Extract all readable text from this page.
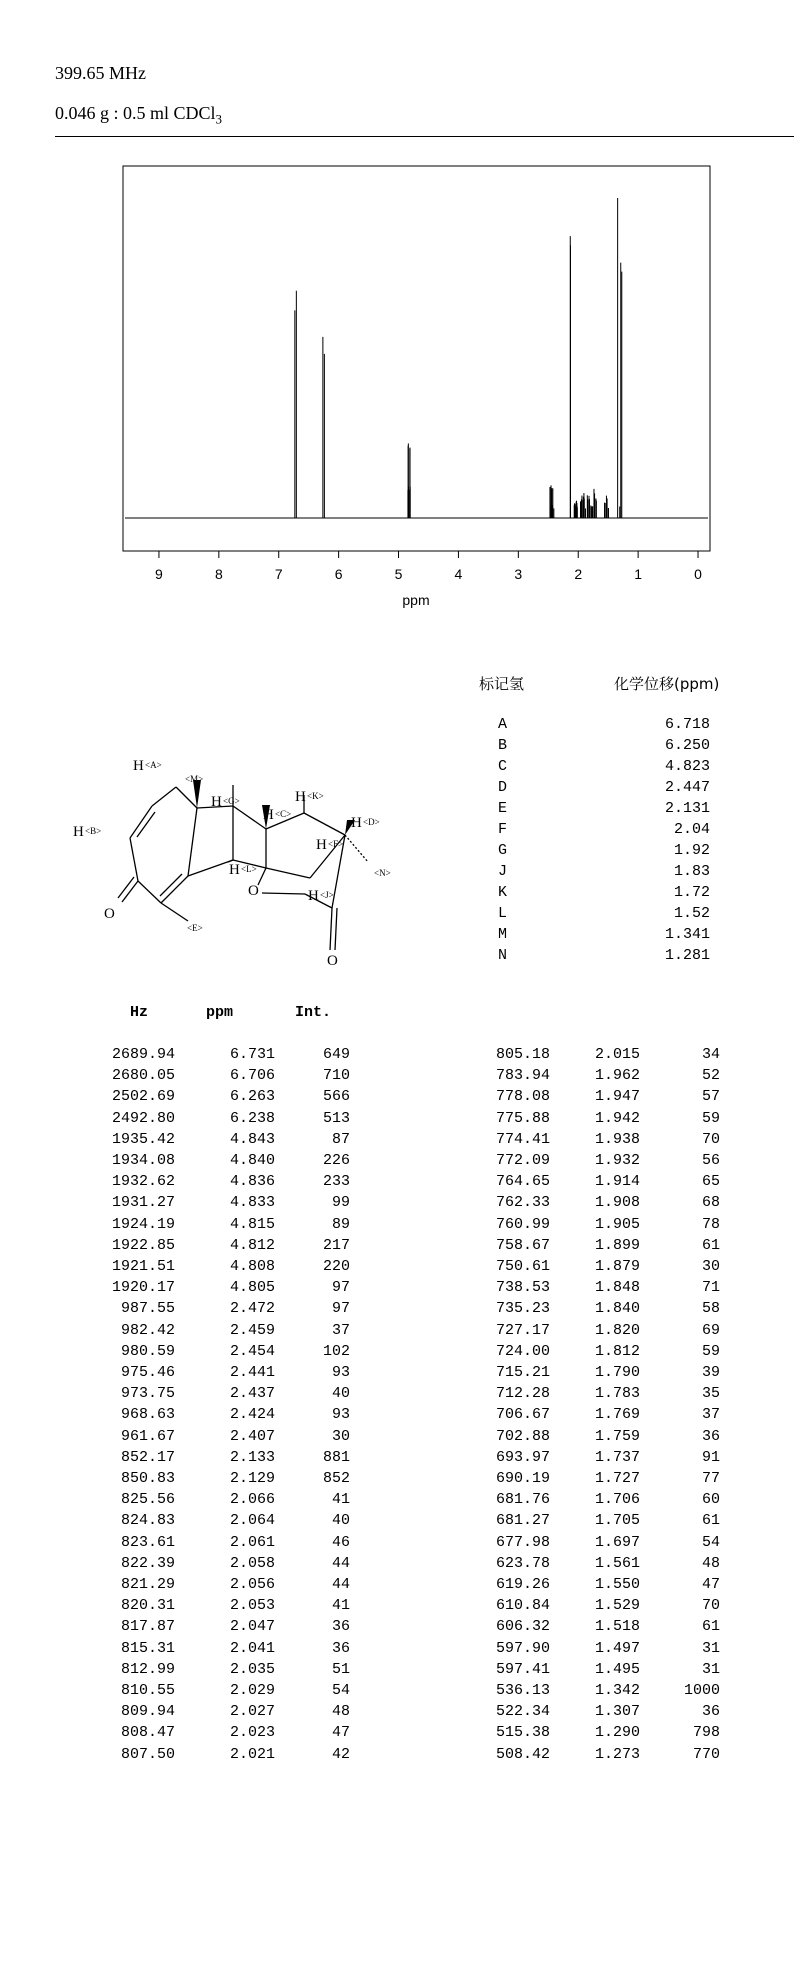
399.65 MHz
0.046 g : 0.5 ml CDCl$_3$
9	8	7	6	5	4	3	2	1	0
ppm
H <A>
H <B>
<M>
H <G>
H <C>
H <K>
H <D>
H <F>
<N>
H <L>
H <J>
<E>
O
O
O
标记氢	化学位移(ppm)
A	6.718
B	6.250
C	4.823
D	2.447
E	2.131
F	2.04
G	1.92
J	1.83
K	1.72
L	1.52
M	1.341
N	1.281
Hz	ppm	Int.
2689.94	6.731	649
2680.05	6.706	710
2502.69	6.263	566
2492.80	6.238	513
1935.42	4.843	87
1934.08	4.840	226
1932.62	4.836	233
1931.27	4.833	99
1924.19	4.815	89
1922.85	4.812	217
1921.51	4.808	220
1920.17	4.805	97
987.55	2.472	97
982.42	2.459	37
980.59	2.454	102
975.46	2.441	93
973.75	2.437	40
968.63	2.424	93
961.67	2.407	30
852.17	2.133	881
850.83	2.129	852
825.56	2.066	41
824.83	2.064	40
823.61	2.061	46
822.39	2.058	44
821.29	2.056	44
820.31	2.053	41
817.87	2.047	36
815.31	2.041	36
812.99	2.035	51
810.55	2.029	54
809.94	2.027	48
808.47	2.023	47
807.50	2.021	42
805.18	2.015	34
783.94	1.962	52
778.08	1.947	57
775.88	1.942	59
774.41	1.938	70
772.09	1.932	56
764.65	1.914	65
762.33	1.908	68
760.99	1.905	78
758.67	1.899	61
750.61	1.879	30
738.53	1.848	71
735.23	1.840	58
727.17	1.820	69
724.00	1.812	59
715.21	1.790	39
712.28	1.783	35
706.67	1.769	37
702.88	1.759	36
693.97	1.737	91
690.19	1.727	77
681.76	1.706	60
681.27	1.705	61
677.98	1.697	54
623.78	1.561	48
619.26	1.550	47
610.84	1.529	70
606.32	1.518	61
597.90	1.497	31
597.41	1.495	31
536.13	1.342	1000
522.34	1.307	36
515.38	1.290	798
508.42	1.273	770
